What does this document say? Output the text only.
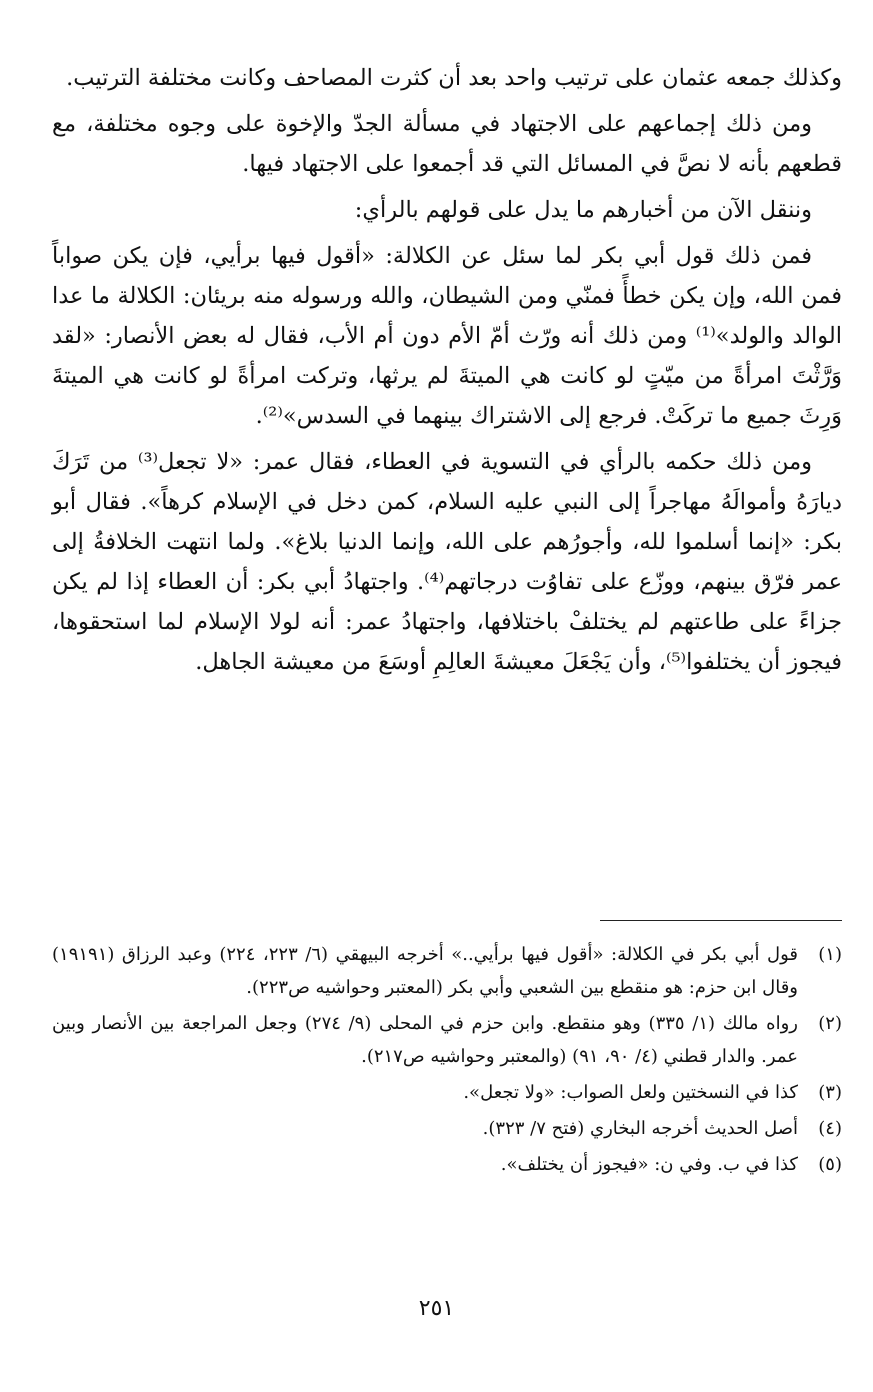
وكذلك جمعه عثمان على ترتيب واحد بعد أن كثرت المصاحف وكانت مختلفة الترتيب.

ومن ذلك إجماعهم على الاجتهاد في مسألة الجدّ والإخوة على وجوه مختلفة، مع قطعهم بأنه لا نصَّ في المسائل التي قد أجمعوا على الاجتهاد فيها.

وننقل الآن من أخبارهم ما يدل على قولهم بالرأي:

فمن ذلك قول أبي بكر لما سئل عن الكلالة: «أقول فيها برأيي، فإن يكن صواباً فمن الله، وإن يكن خطأً فمنّي ومن الشيطان، والله ورسوله منه بريئان: الكلالة ما عدا الوالد والولد»⁽¹⁾ ومن ذلك أنه ورّث أمّ الأم دون أم الأب، فقال له بعض الأنصار: «لقد وَرَّثْتَ امرأةً من ميّتٍ لو كانت هي الميتةَ لم يرثها، وتركت امرأةً لو كانت هي الميتةَ وَرِثَ جميع ما تركَتْ. فرجع إلى الاشتراك بينهما في السدس»⁽²⁾.

ومن ذلك حكمه بالرأي في التسوية في العطاء، فقال عمر: «لا تجعل⁽³⁾ من تَرَكَ ديارَهُ وأموالَهُ مهاجراً إلى النبي عليه السلام، كمن دخل في الإسلام كرهاً». فقال أبو بكر: «إنما أسلموا لله، وأجورُهم على الله، وإنما الدنيا بلاغ». ولما انتهت الخلافةُ إلى عمر فرّق بينهم، ووزّع على تفاوُت درجاتهم⁽⁴⁾. واجتهادُ أبي بكر: أن العطاء إذا لم يكن جزاءً على طاعتهم لم يختلفْ باختلافها، واجتهادُ عمر: أنه لولا الإسلام لما استحقوها، فيجوز أن يختلفوا⁽⁵⁾، وأن يَجْعَلَ معيشةَ العالِمِ أوسَعَ من معيشة الجاهل.

(١)
قول أبي بكر في الكلالة: «أقول فيها برأيي..» أخرجه البيهقي (٦/ ٢٢٣، ٢٢٤) وعبد الرزاق (١٩١٩١) وقال ابن حزم: هو منقطع بين الشعبي وأبي بكر (المعتبر وحواشيه ص٢٢٣).
(٢)
رواه مالك (١/ ٣٣٥) وهو منقطع. وابن حزم في المحلى (٩/ ٢٧٤) وجعل المراجعة بين الأنصار وبين عمر. والدار قطني (٤/ ٩٠، ٩١) (والمعتبر وحواشيه ص٢١٧).
(٣)
كذا في النسختين ولعل الصواب: «ولا تجعل».
(٤)
أصل الحديث أخرجه البخاري (فتح ٧/ ٣٢٣).
(٥)
كذا في ب. وفي ن: «فيجوز أن يختلف».
٢٥١
